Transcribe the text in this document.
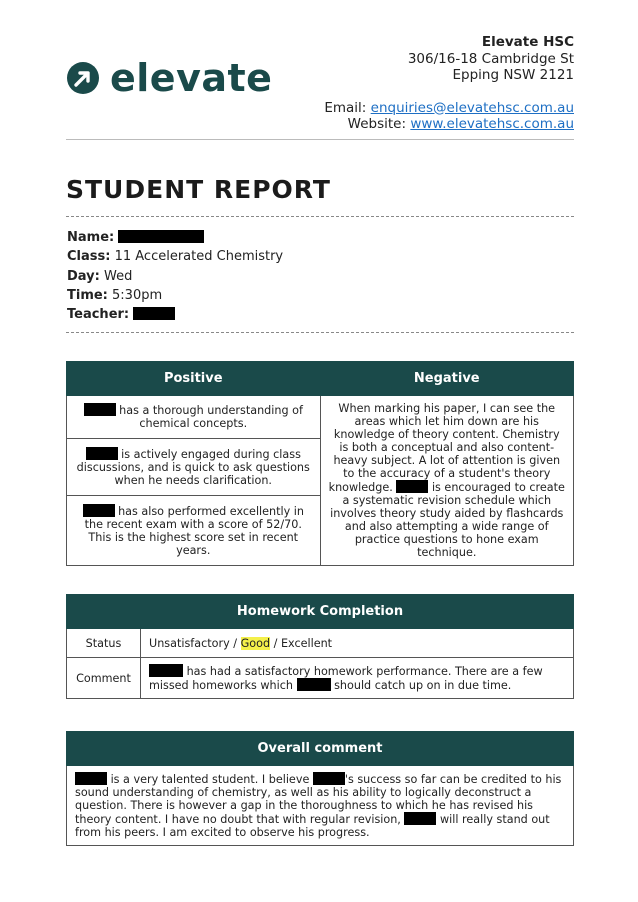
elevate
Elevate HSC
306/16-18 Cambridge St
Epping NSW 2121
Email: enquiries@elevatehsc.com.au
Website: www.elevatehsc.com.au
STUDENT REPORT
Name:
Class: 11 Accelerated Chemistry
Day: Wed
Time: 5:30pm
Teacher:
Positive	Negative
has a thorough understanding of chemical concepts.	When marking his paper, I can see the areas which let him down are his knowledge of theory content. Chemistry is both a conceptual and also content-heavy subject. A lot of attention is given to the accuracy of a student's theory knowledge. is encouraged to create a systematic revision schedule which involves theory study aided by flashcards and also attempting a wide range of practice questions to hone exam technique.
is actively engaged during class discussions, and is quick to ask questions when he needs clarification.	
has also performed excellently in the recent exam with a score of 52/70. This is the highest score set in recent years.	
Homework Completion	
Status	Unsatisfactory / Good / Excellent
Comment	has had a satisfactory homework performance. There are a few missed homeworks which should catch up on in due time.
Overall comment
is a very talented student. I believe	's success so far can be credited to his sound understanding of chemistry, as well as his ability to logically deconstruct a question. There is however a gap in the thoroughness to which he has revised his theory content. I have no doubt that with regular revision,	will really stand out from his peers. I am excited to observe his progress.
